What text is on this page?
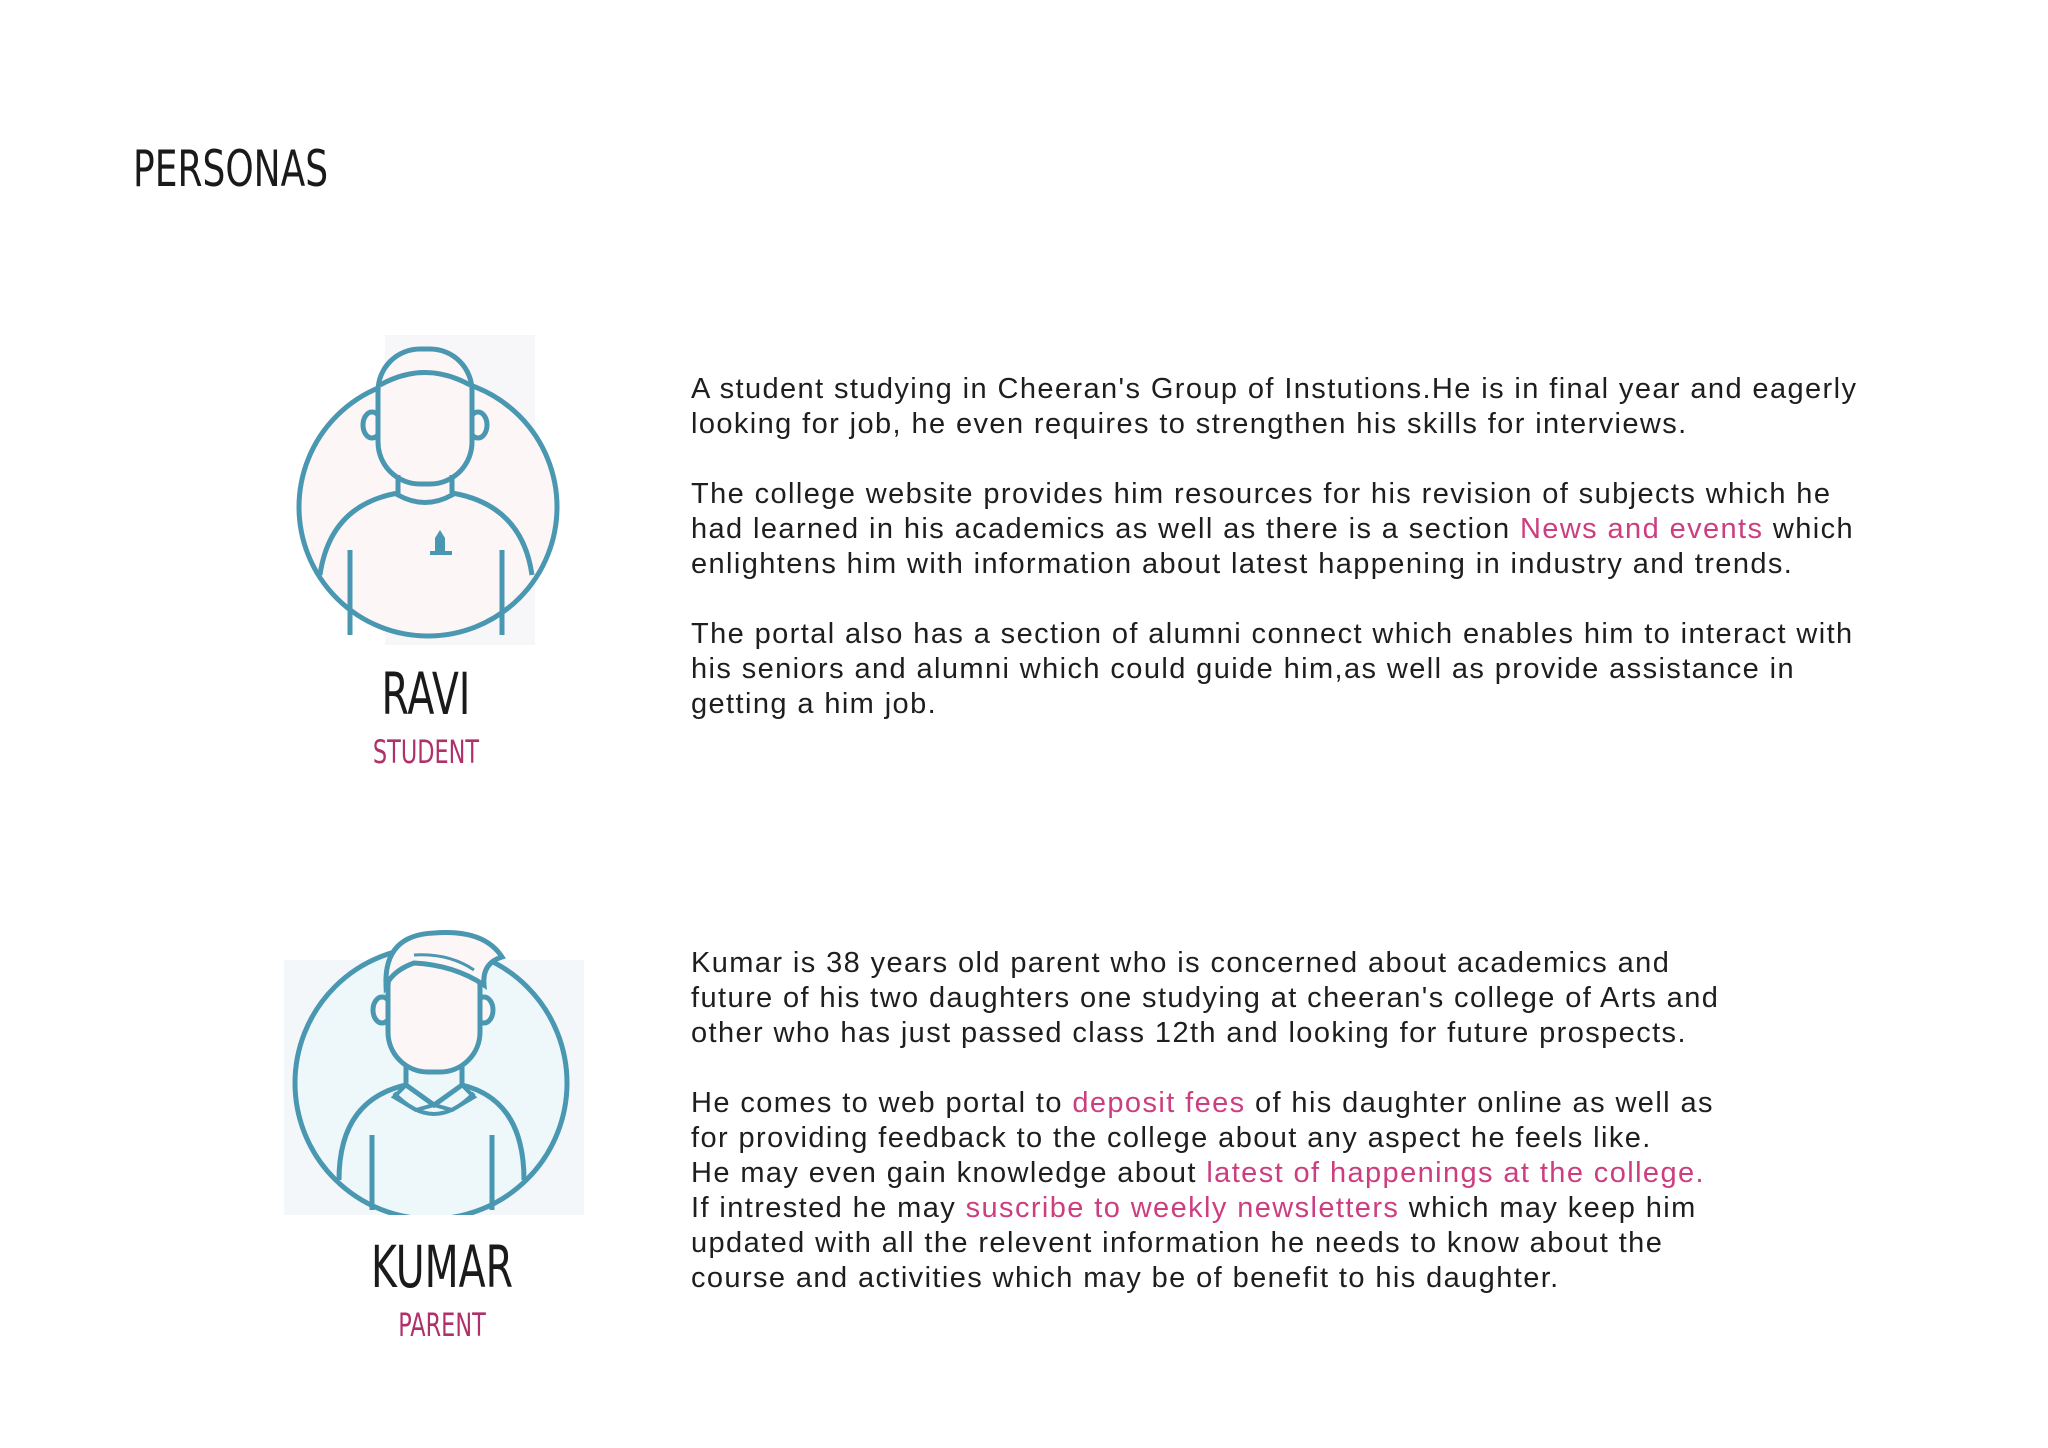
PERSONAS
RAVI
STUDENT

A student studying in Cheeran's Group of Instutions.He is in final year and eagerly
looking for job, he even requires to strengthen his skills for interviews.

The college website provides him resources for his revision of subjects which he
had learned in his academics as well as there is a section News and events which
enlightens him with information about latest happening in industry and trends.

The portal also has a section of alumni connect which enables him to interact with
his seniors and alumni which could guide him,as well as provide assistance in
getting a him job.

KUMAR
PARENT

Kumar is 38 years old parent who is concerned about academics and
future of his two daughters one studying at cheeran's college of Arts and
other who has just passed class 12th and looking for future prospects.

He comes to web portal to deposit fees of his daughter online as well as
for providing feedback to the college about any aspect he feels like.
He may even gain knowledge about latest of happenings at the college.
If intrested he may suscribe to weekly newsletters which may keep him
updated with all the relevent information he needs to know about the
course and activities which may be of benefit to his daughter.
